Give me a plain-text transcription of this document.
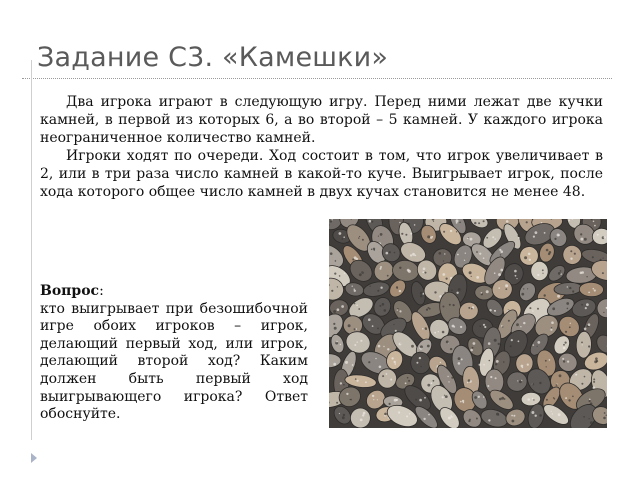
Задание С3. «Камешки»

Два игрока играют в следующую игру. Перед ними лежат две кучки камней, в первой из которых 6, а во второй – 5 камней. У каждого игрока неограниченное количество камней.

Игроки ходят по очереди. Ход состоит в том, что игрок увеличивает в 2, или в три раза число камней в какой-то куче. Выигрывает игрок, после хода которого общее число камней в двух кучах становится не менее 48.

Вопрос:

кто выигрывает при безошибочной игре обоих игроков – игрок, делающий первый ход, или игрок, делающий второй ход? Каким должен быть первый ход выигрывающего игрока? Ответ обоснуйте.
